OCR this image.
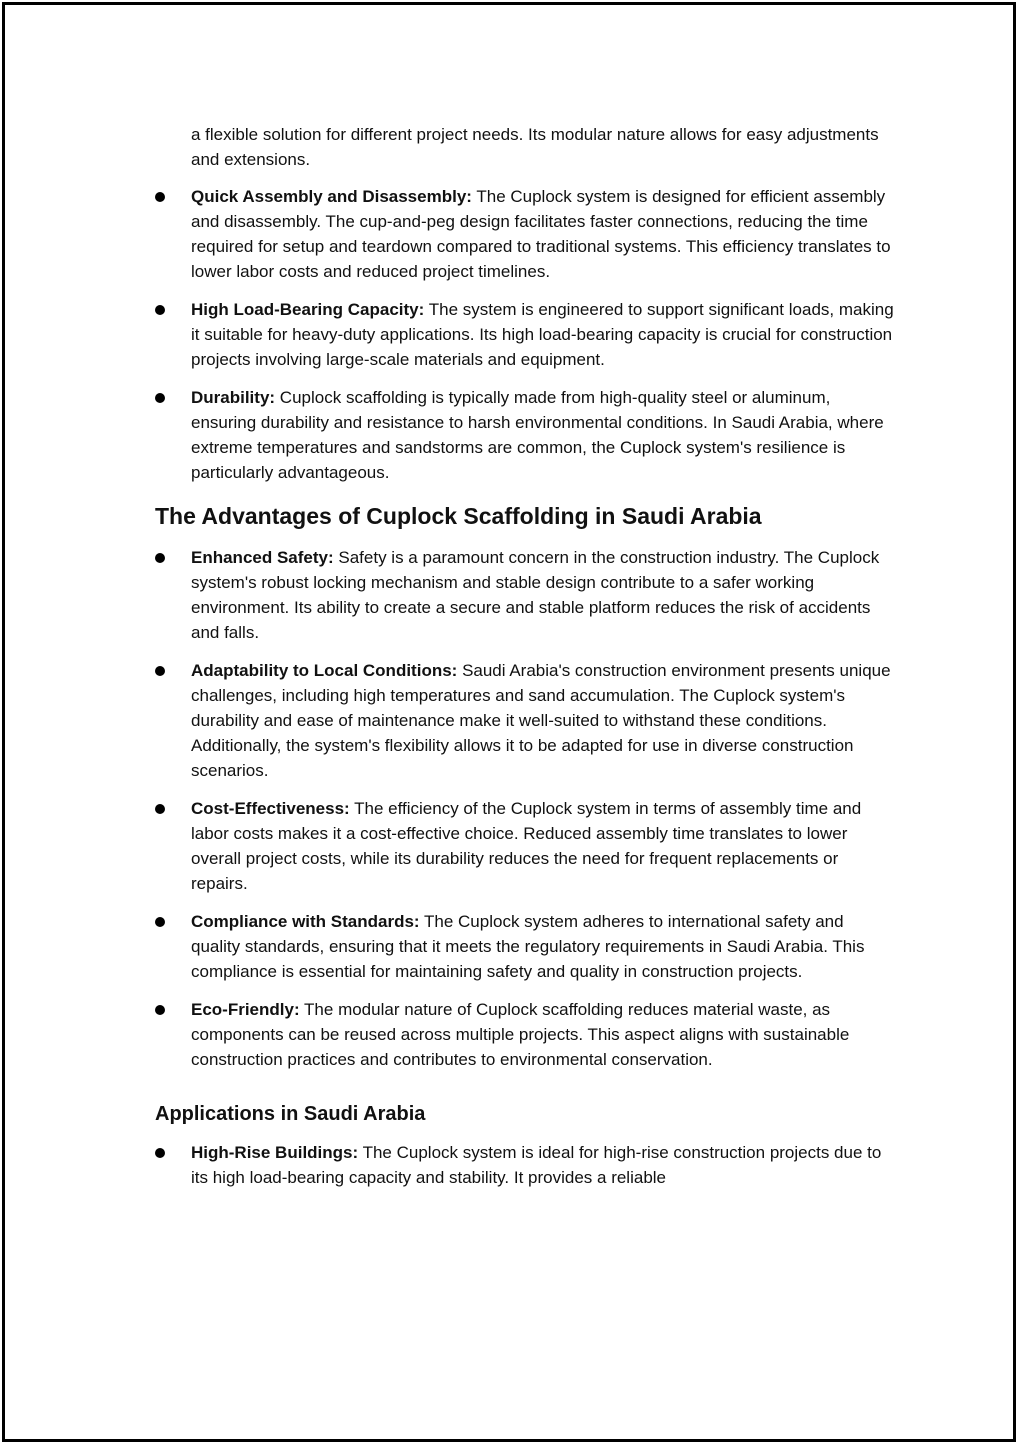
a flexible solution for different project needs. Its modular nature allows for easy adjustments and extensions.

Quick Assembly and Disassembly: The Cuplock system is designed for efficient assembly and disassembly. The cup-and-peg design facilitates faster connections, reducing the time required for setup and teardown compared to traditional systems. This efficiency translates to lower labor costs and reduced project timelines.
High Load-Bearing Capacity: The system is engineered to support significant loads, making it suitable for heavy-duty applications. Its high load-bearing capacity is crucial for construction projects involving large-scale materials and equipment.
Durability: Cuplock scaffolding is typically made from high-quality steel or aluminum, ensuring durability and resistance to harsh environmental conditions. In Saudi Arabia, where extreme temperatures and sandstorms are common, the Cuplock system's resilience is particularly advantageous.
The Advantages of Cuplock Scaffolding in Saudi Arabia
Enhanced Safety: Safety is a paramount concern in the construction industry. The Cuplock system's robust locking mechanism and stable design contribute to a safer working environment. Its ability to create a secure and stable platform reduces the risk of accidents and falls.
Adaptability to Local Conditions: Saudi Arabia's construction environment presents unique challenges, including high temperatures and sand accumulation. The Cuplock system's durability and ease of maintenance make it well-suited to withstand these conditions. Additionally, the system's flexibility allows it to be adapted for use in diverse construction scenarios.
Cost-Effectiveness: The efficiency of the Cuplock system in terms of assembly time and labor costs makes it a cost-effective choice. Reduced assembly time translates to lower overall project costs, while its durability reduces the need for frequent replacements or repairs.
Compliance with Standards: The Cuplock system adheres to international safety and quality standards, ensuring that it meets the regulatory requirements in Saudi Arabia. This compliance is essential for maintaining safety and quality in construction projects.
Eco-Friendly: The modular nature of Cuplock scaffolding reduces material waste, as components can be reused across multiple projects. This aspect aligns with sustainable construction practices and contributes to environmental conservation.
Applications in Saudi Arabia
High-Rise Buildings: The Cuplock system is ideal for high-rise construction projects due to its high load-bearing capacity and stability. It provides a reliable
